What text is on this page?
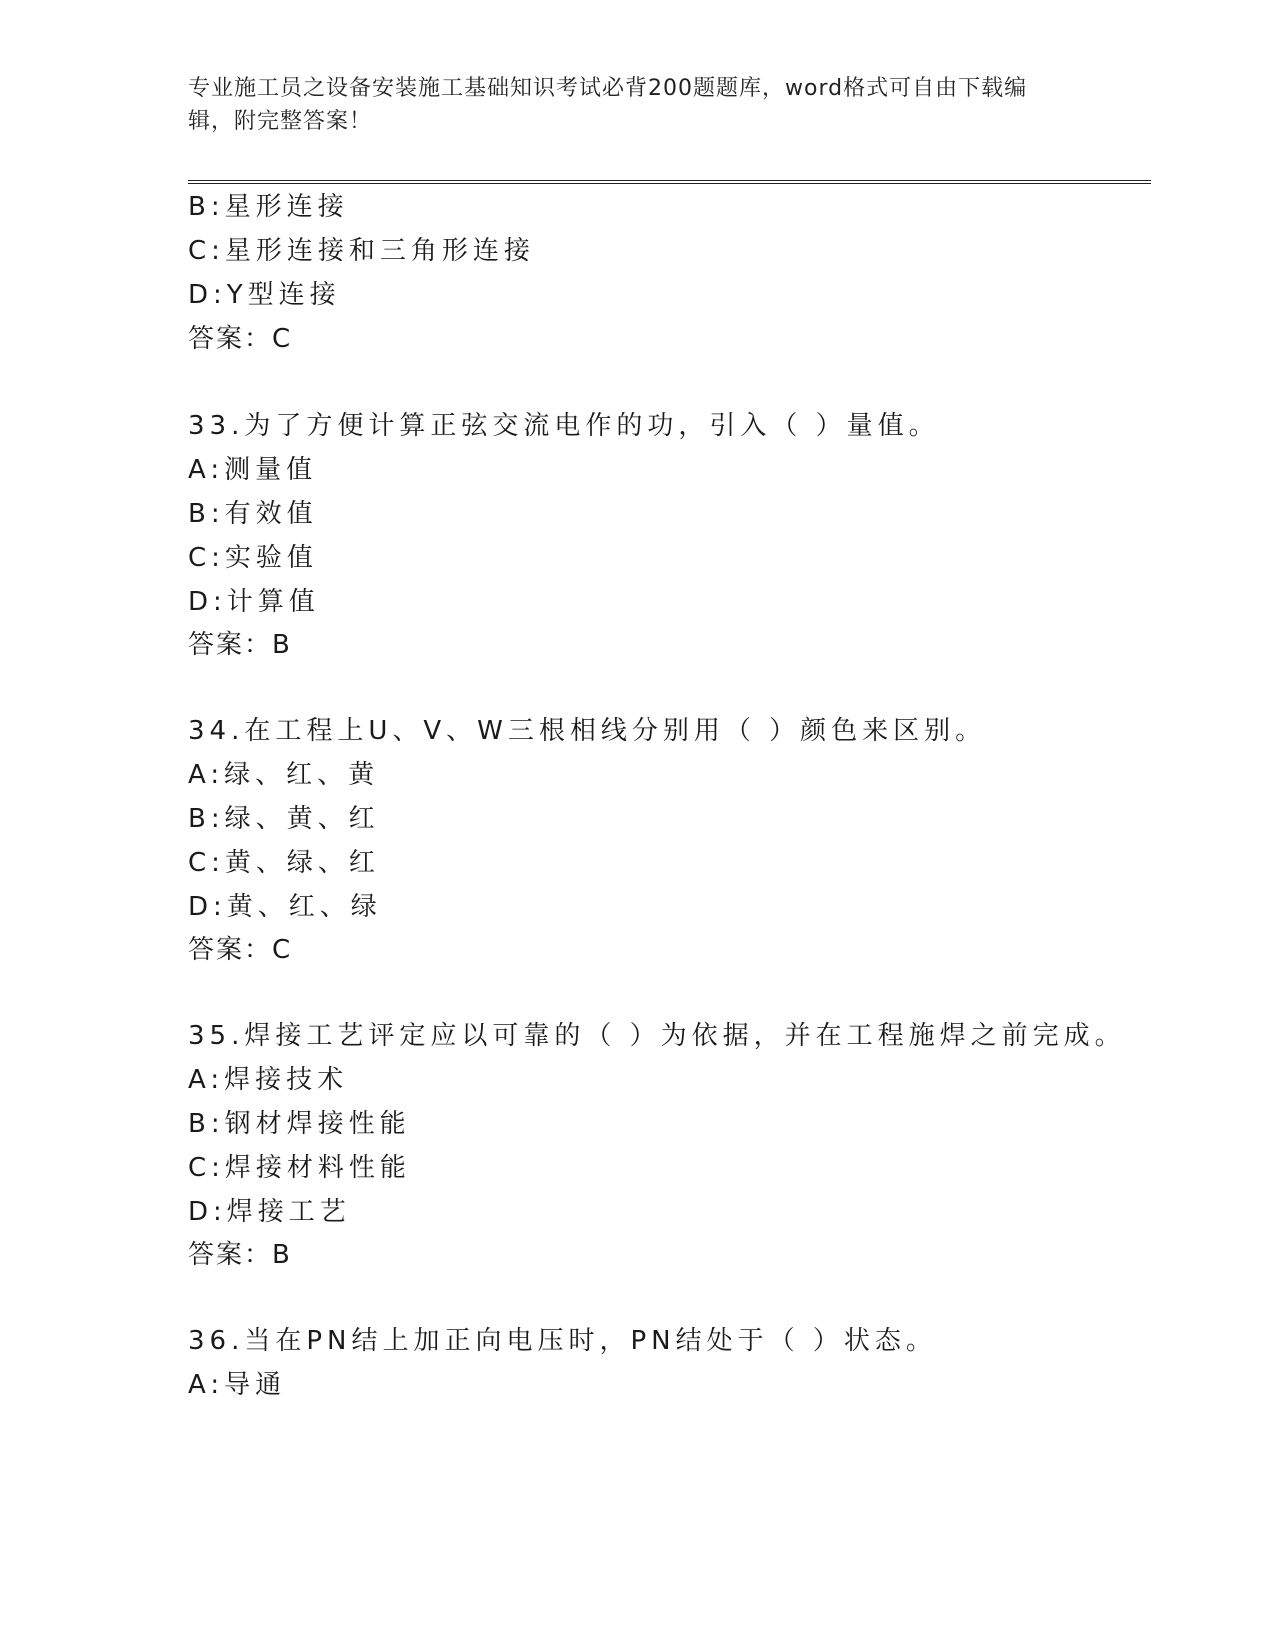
专业施工员之设备安装施工基础知识考试必背200题题库，word格式可自由下载编辑，附完整答案！
B:星形连接
C:星形连接和三角形连接
D:Y型连接
答案：C
33.为了方便计算正弦交流电作的功，引入（ ）量值。
A:测量值
B:有效值
C:实验值
D:计算值
答案：B
34.在工程上U、V、W三根相线分别用（ ）颜色来区别。
A:绿、红、黄
B:绿、黄、红
C:黄、绿、红
D:黄、红、绿
答案：C
35.焊接工艺评定应以可靠的（ ）为依据，并在工程施焊之前完成。
A:焊接技术
B:钢材焊接性能
C:焊接材料性能
D:焊接工艺
答案：B
36.当在PN结上加正向电压时，PN结处于（ ）状态。
A:导通
